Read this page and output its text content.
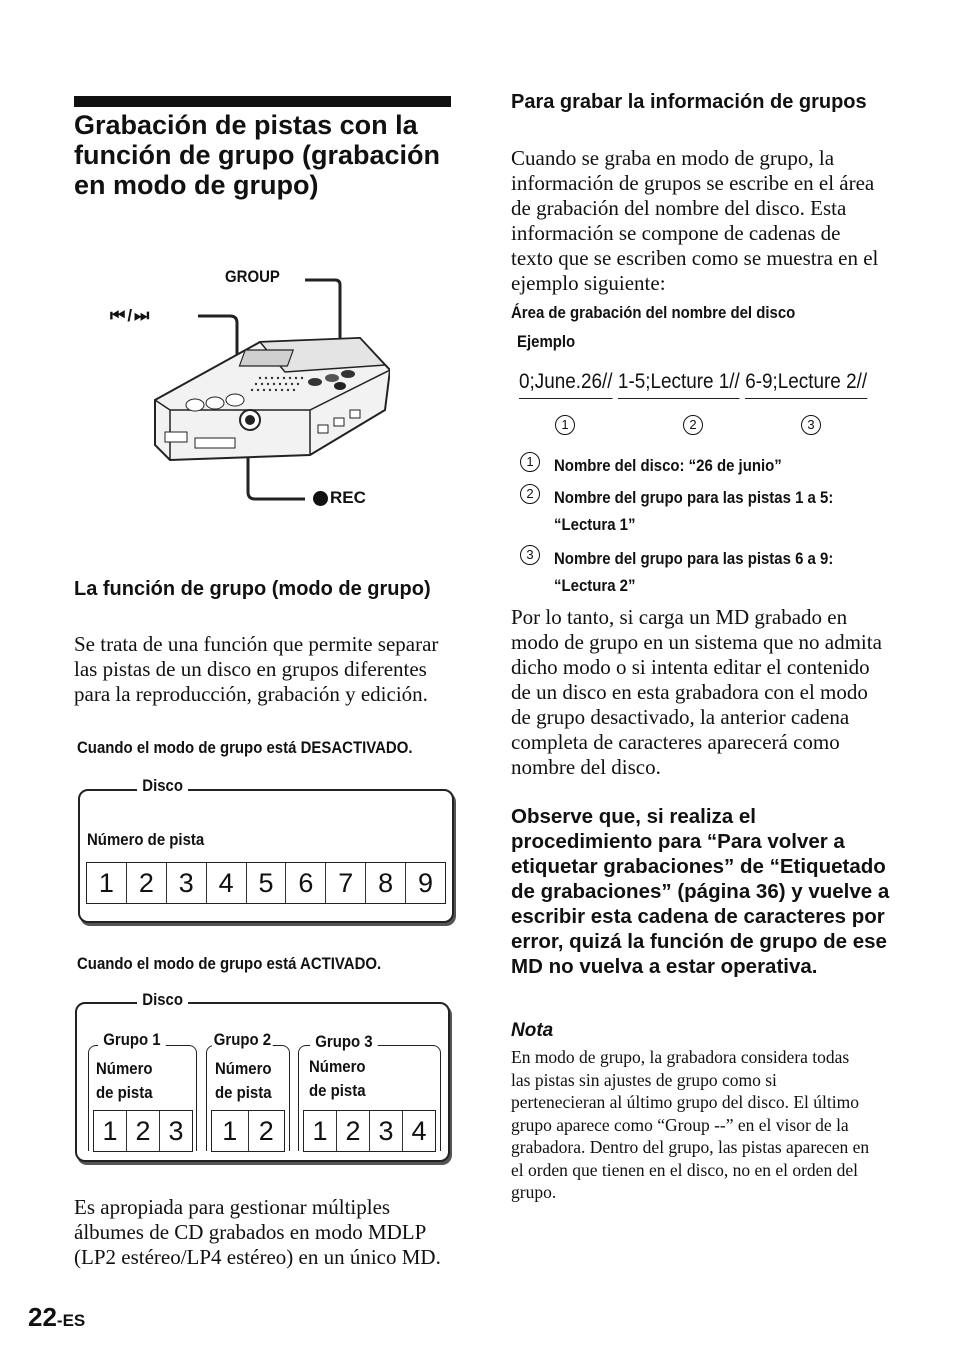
Grabación de pistas con la función de grupo (grabación en modo de grupo)
GROUP
⏮ / ⏭
REC
La función de grupo (modo de grupo)
Se trata de una función que permite separar las pistas de un disco en grupos diferentes para la reproducción, grabación y edición.
Cuando el modo de grupo está DESACTIVADO.
Disco
Número de pista
1 2 3 4 5 6 7 8 9
Cuando el modo de grupo está ACTIVADO.
Disco
Grupo 1
Número
de pista
1 2 3
Grupo 2
Número
de pista
1 2
Grupo 3
Número
de pista
1 2 3 4
Es apropiada para gestionar múltiples álbumes de CD grabados en modo MDLP (LP2 estéreo/LP4 estéreo) en un único MD.
22-ES
Para grabar la información de grupos
Cuando se graba en modo de grupo, la información de grupos se escribe en el área de grabación del nombre del disco. Esta información se compone de cadenas de texto que se escriben como se muestra en el ejemplo siguiente:
Área de grabación del nombre del disco
Ejemplo
0;June.26// 1-5;Lecture 1// 6-9;Lecture 2//
1	2	3
1	Nombre del disco: “26 de junio”
2	Nombre del grupo para las pistas 1 a 5: “Lectura 1”
3	Nombre del grupo para las pistas 6 a 9: “Lectura 2”
Por lo tanto, si carga un MD grabado en modo de grupo en un sistema que no admita dicho modo o si intenta editar el contenido de un disco en esta grabadora con el modo de grupo desactivado, la anterior cadena completa de caracteres aparecerá como nombre del disco.
Observe que, si realiza el procedimiento para “Para volver a etiquetar grabaciones” de “Etiquetado de grabaciones” (página 36) y vuelve a escribir esta cadena de caracteres por error, quizá la función de grupo de ese MD no vuelva a estar operativa.
Nota
En modo de grupo, la grabadora considera todas las pistas sin ajustes de grupo como si pertenecieran al último grupo del disco. El último grupo aparece como “Group --” en el visor de la grabadora. Dentro del grupo, las pistas aparecen en el orden que tienen en el disco, no en el orden del grupo.
